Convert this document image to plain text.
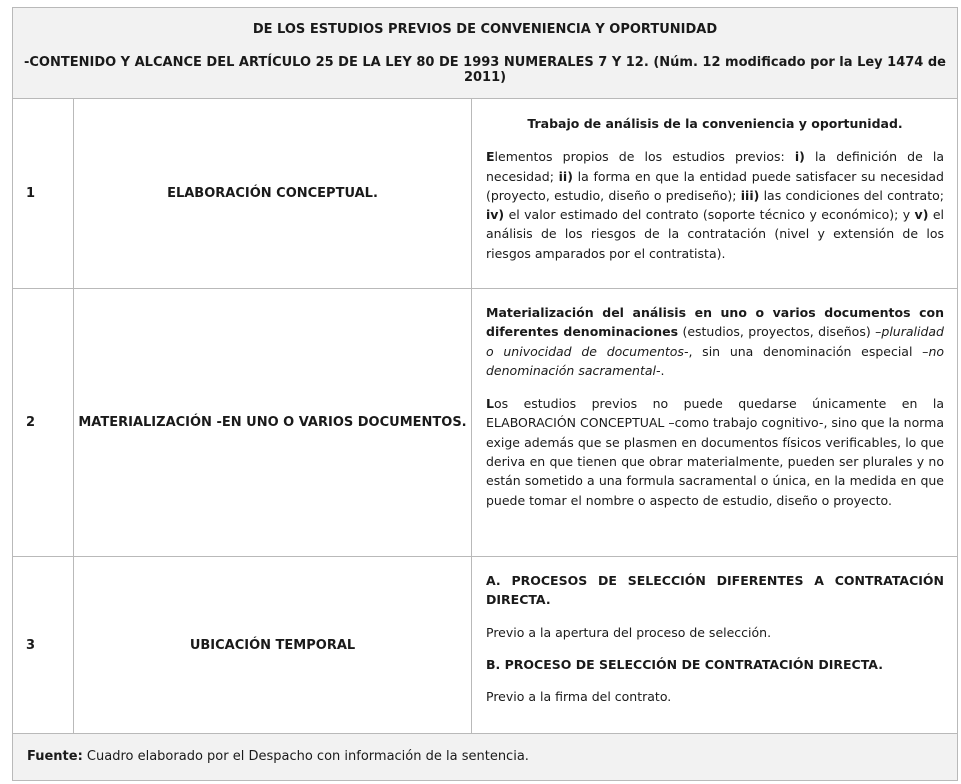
DE LOS ESTUDIOS PREVIOS DE CONVENIENCIA Y OPORTUNIDAD
-CONTENIDO Y ALCANCE DEL ARTÍCULO 25 DE LA LEY 80 DE 1993 NUMERALES 7 Y 12. (Núm. 12 modificado por la Ley 1474 de 2011)
1	ELABORACIÓN CONCEPTUAL.

Trabajo de análisis de la conveniencia y oportunidad.

Elementos propios de los estudios previos: i) la definición de la necesidad; ii) la forma en que la entidad puede satisfacer su necesidad (proyecto, estudio, diseño o prediseño); iii) las condiciones del contrato; iv) el valor estimado del contrato (soporte técnico y económico); y v) el análisis de los riesgos de la contratación (nivel y extensión de los riesgos amparados por el contratista).

2	MATERIALIZACIÓN -EN UNO O VARIOS DOCUMENTOS.

Materialización del análisis en uno o varios documentos con diferentes denominaciones (estudios, proyectos, diseños) –pluralidad o univocidad de documentos-, sin una denominación especial –no denominación sacramental-.

Los estudios previos no puede quedarse únicamente en la ELABORACIÓN CONCEPTUAL –como trabajo cognitivo-, sino que la norma exige además que se plasmen en documentos físicos verificables, lo que deriva en que tienen que obrar materialmente, pueden ser plurales y no están sometido a una formula sacramental o única, en la medida en que puede tomar el nombre o aspecto de estudio, diseño o proyecto.

3	UBICACIÓN TEMPORAL

A. PROCESOS DE SELECCIÓN DIFERENTES A CONTRATACIÓN DIRECTA.

Previo a la apertura del proceso de selección.

B. PROCESO DE SELECCIÓN DE CONTRATACIÓN DIRECTA.

Previo a la firma del contrato.

Fuente: Cuadro elaborado por el Despacho con información de la sentencia.
